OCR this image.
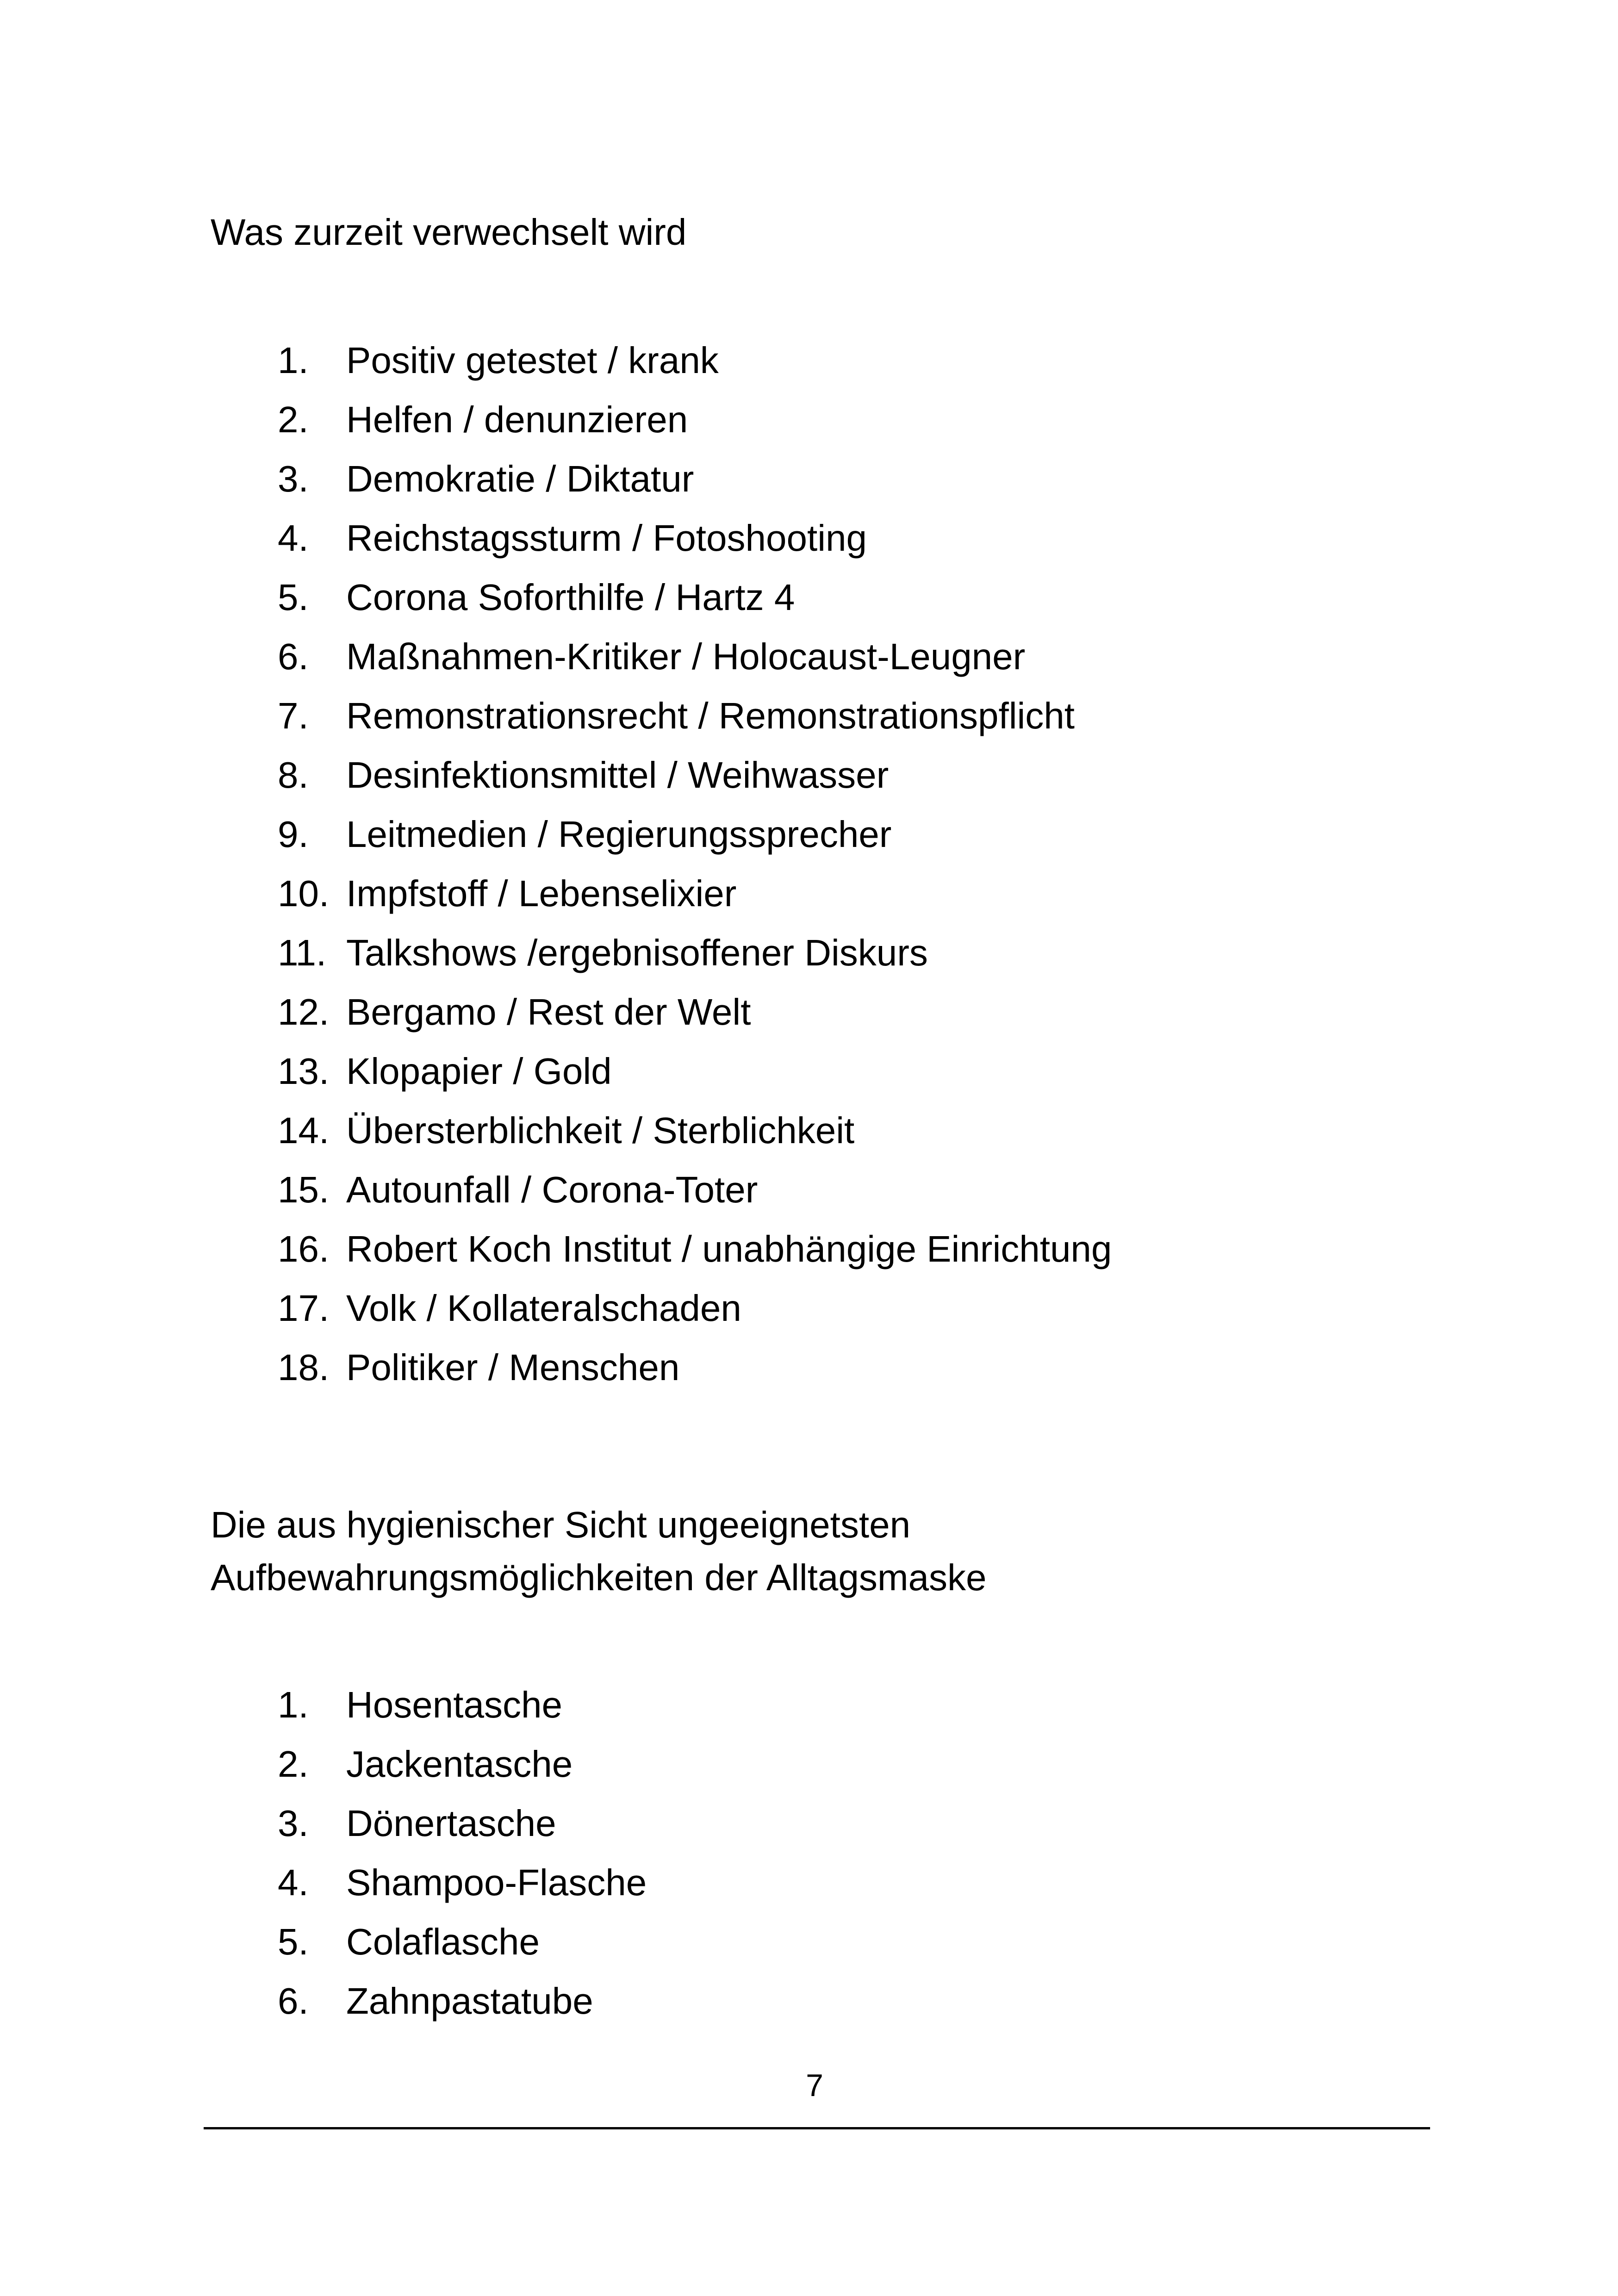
Was zurzeit verwechselt wird
1. Positiv getestet / krank
2. Helfen / denunzieren
3. Demokratie / Diktatur
4. Reichstagssturm / Fotoshooting
5. Corona Soforthilfe / Hartz 4
6. Maßnahmen-Kritiker / Holocaust-Leugner
7. Remonstrationsrecht / Remonstrationspflicht
8. Desinfektionsmittel / Weihwasser
9. Leitmedien / Regierungssprecher
10. Impfstoff / Lebenselixier
11. Talkshows /ergebnisoffener Diskurs
12. Bergamo / Rest der Welt
13. Klopapier / Gold
14. Übersterblichkeit / Sterblichkeit
15. Autounfall / Corona-Toter
16. Robert Koch Institut / unabhängige Einrichtung
17. Volk / Kollateralschaden
18. Politiker / Menschen
Die aus hygienischer Sicht ungeeignetsten
Aufbewahrungsmöglichkeiten der Alltagsmaske
1. Hosentasche
2. Jackentasche
3. Dönertasche
4. Shampoo-Flasche
5. Colaflasche
6. Zahnpastatube
7
